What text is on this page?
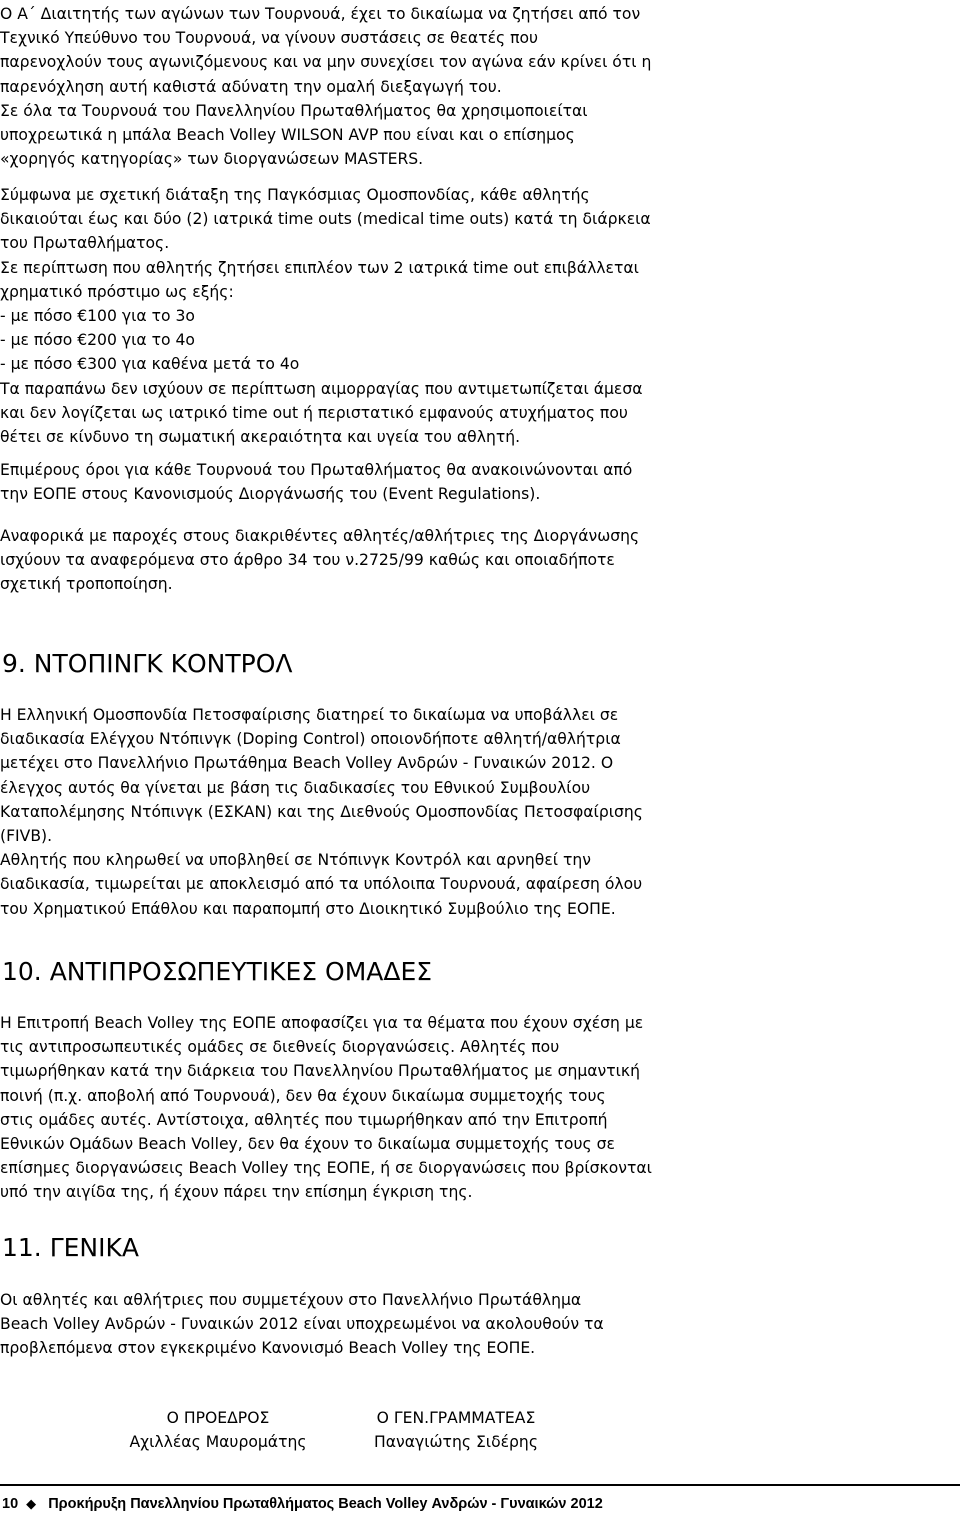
Ο Α΄ Διαιτητής των αγώνων των Τουρνουά, έχει το δικαίωμα να ζητήσει από τον
Τεχνικό Υπεύθυνο του Τουρνουά, να γίνουν συστάσεις σε θεατές που
παρενοχλούν τους αγωνιζόμενους και να μην συνεχίσει τον αγώνα εάν κρίνει ότι η
παρενόχληση αυτή καθιστά αδύνατη την ομαλή διεξαγωγή του.
Σε όλα τα Τουρνουά του Πανελληνίου Πρωταθλήματος θα χρησιμοποιείται
υποχρεωτικά η μπάλα Beach Volley WILSON AVP που είναι και ο επίσημος
«χορηγός κατηγορίας» των διοργανώσεων MASTERS.
Σύμφωνα με σχετική διάταξη της Παγκόσμιας Ομοσπονδίας, κάθε αθλητής
δικαιούται έως και δύο (2) ιατρικά time outs (medical time outs) κατά τη διάρκεια
του Πρωταθλήματος.
Σε περίπτωση που αθλητής ζητήσει επιπλέον των 2 ιατρικά time out επιβάλλεται
χρηματικό πρόστιμο ως εξής:
- με πόσο €100 για το 3ο
- με πόσο €200 για το 4ο
- με πόσο €300 για καθένα μετά το 4ο
Τα παραπάνω δεν ισχύουν σε περίπτωση αιμορραγίας που αντιμετωπίζεται άμεσα
και δεν λογίζεται ως ιατρικό time out ή περιστατικό εμφανούς ατυχήματος που
θέτει σε κίνδυνο τη σωματική ακεραιότητα και υγεία του αθλητή.
Επιμέρους όροι για κάθε Τουρνουά του Πρωταθλήματος θα ανακοινώνονται από
την ΕΟΠΕ στους Κανονισμούς Διοργάνωσής του (Event Regulations).
Αναφορικά με παροχές στους διακριθέντες αθλητές/αθλήτριες της Διοργάνωσης
ισχύουν τα αναφερόμενα στο άρθρο 34 του ν.2725/99 καθώς και οποιαδήποτε
σχετική τροποποίηση.
9. ΝΤΟΠΙΝΓΚ ΚΟΝΤΡΟΛ
Η Ελληνική Ομοσπονδία Πετοσφαίρισης διατηρεί το δικαίωμα να υποβάλλει σε
διαδικασία Ελέγχου Ντόπινγκ (Doping Control) οποιονδήποτε αθλητή/αθλήτρια
μετέχει στο Πανελλήνιο Πρωτάθημα Beach Volley Ανδρών - Γυναικών 2012. Ο
έλεγχος αυτός θα γίνεται με βάση τις διαδικασίες του Εθνικού Συμβουλίου
Καταπολέμησης Ντόπινγκ (ΕΣΚΑΝ) και της Διεθνούς Ομοσπονδίας Πετοσφαίρισης
(FIVB).
Αθλητής που κληρωθεί να υποβληθεί σε Ντόπινγκ Κοντρόλ και αρνηθεί την
διαδικασία, τιμωρείται με αποκλεισμό από τα υπόλοιπα Τουρνουά, αφαίρεση όλου
του Χρηματικού Επάθλου και παραπομπή στο Διοικητικό Συμβούλιο της ΕΟΠΕ.
10. ΑΝΤΙΠΡΟΣΩΠΕΥΤΙΚΕΣ ΟΜΑΔΕΣ
Η Επιτροπή Beach Volley της ΕΟΠΕ αποφασίζει για τα θέματα που έχουν σχέση με
τις αντιπροσωπευτικές ομάδες σε διεθνείς διοργανώσεις. Αθλητές που
τιμωρήθηκαν κατά την διάρκεια του Πανελληνίου Πρωταθλήματος με σημαντική
ποινή (π.χ. αποβολή από Τουρνουά), δεν θα έχουν δικαίωμα συμμετοχής τους
στις ομάδες αυτές. Αντίστοιχα, αθλητές που τιμωρήθηκαν από την Επιτροπή
Εθνικών Ομάδων Beach Volley, δεν θα έχουν το δικαίωμα συμμετοχής τους σε
επίσημες διοργανώσεις Beach Volley της ΕΟΠΕ, ή σε διοργανώσεις που βρίσκονται
υπό την αιγίδα της, ή έχουν πάρει την επίσημη έγκριση της.
11. ΓΕΝΙΚΑ
Οι αθλητές και αθλήτριες που συμμετέχουν στο Πανελλήνιο Πρωτάθλημα
Beach Volley Ανδρών - Γυναικών 2012 είναι υποχρεωμένοι να ακολουθούν τα
προβλεπόμενα στον εγκεκριμένο Κανονισμό Beach Volley της ΕΟΠΕ.
Ο ΠΡΟΕΔΡΟΣ
Αχιλλέας Μαυρομάτης
Ο ΓΕΝ.ΓΡΑΜΜΑΤΕΑΣ
Παναγιώτης Σιδέρης
10 ◆ Προκήρυξη Πανελληνίου Πρωταθλήματος Beach Volley Ανδρών - Γυναικών 2012
